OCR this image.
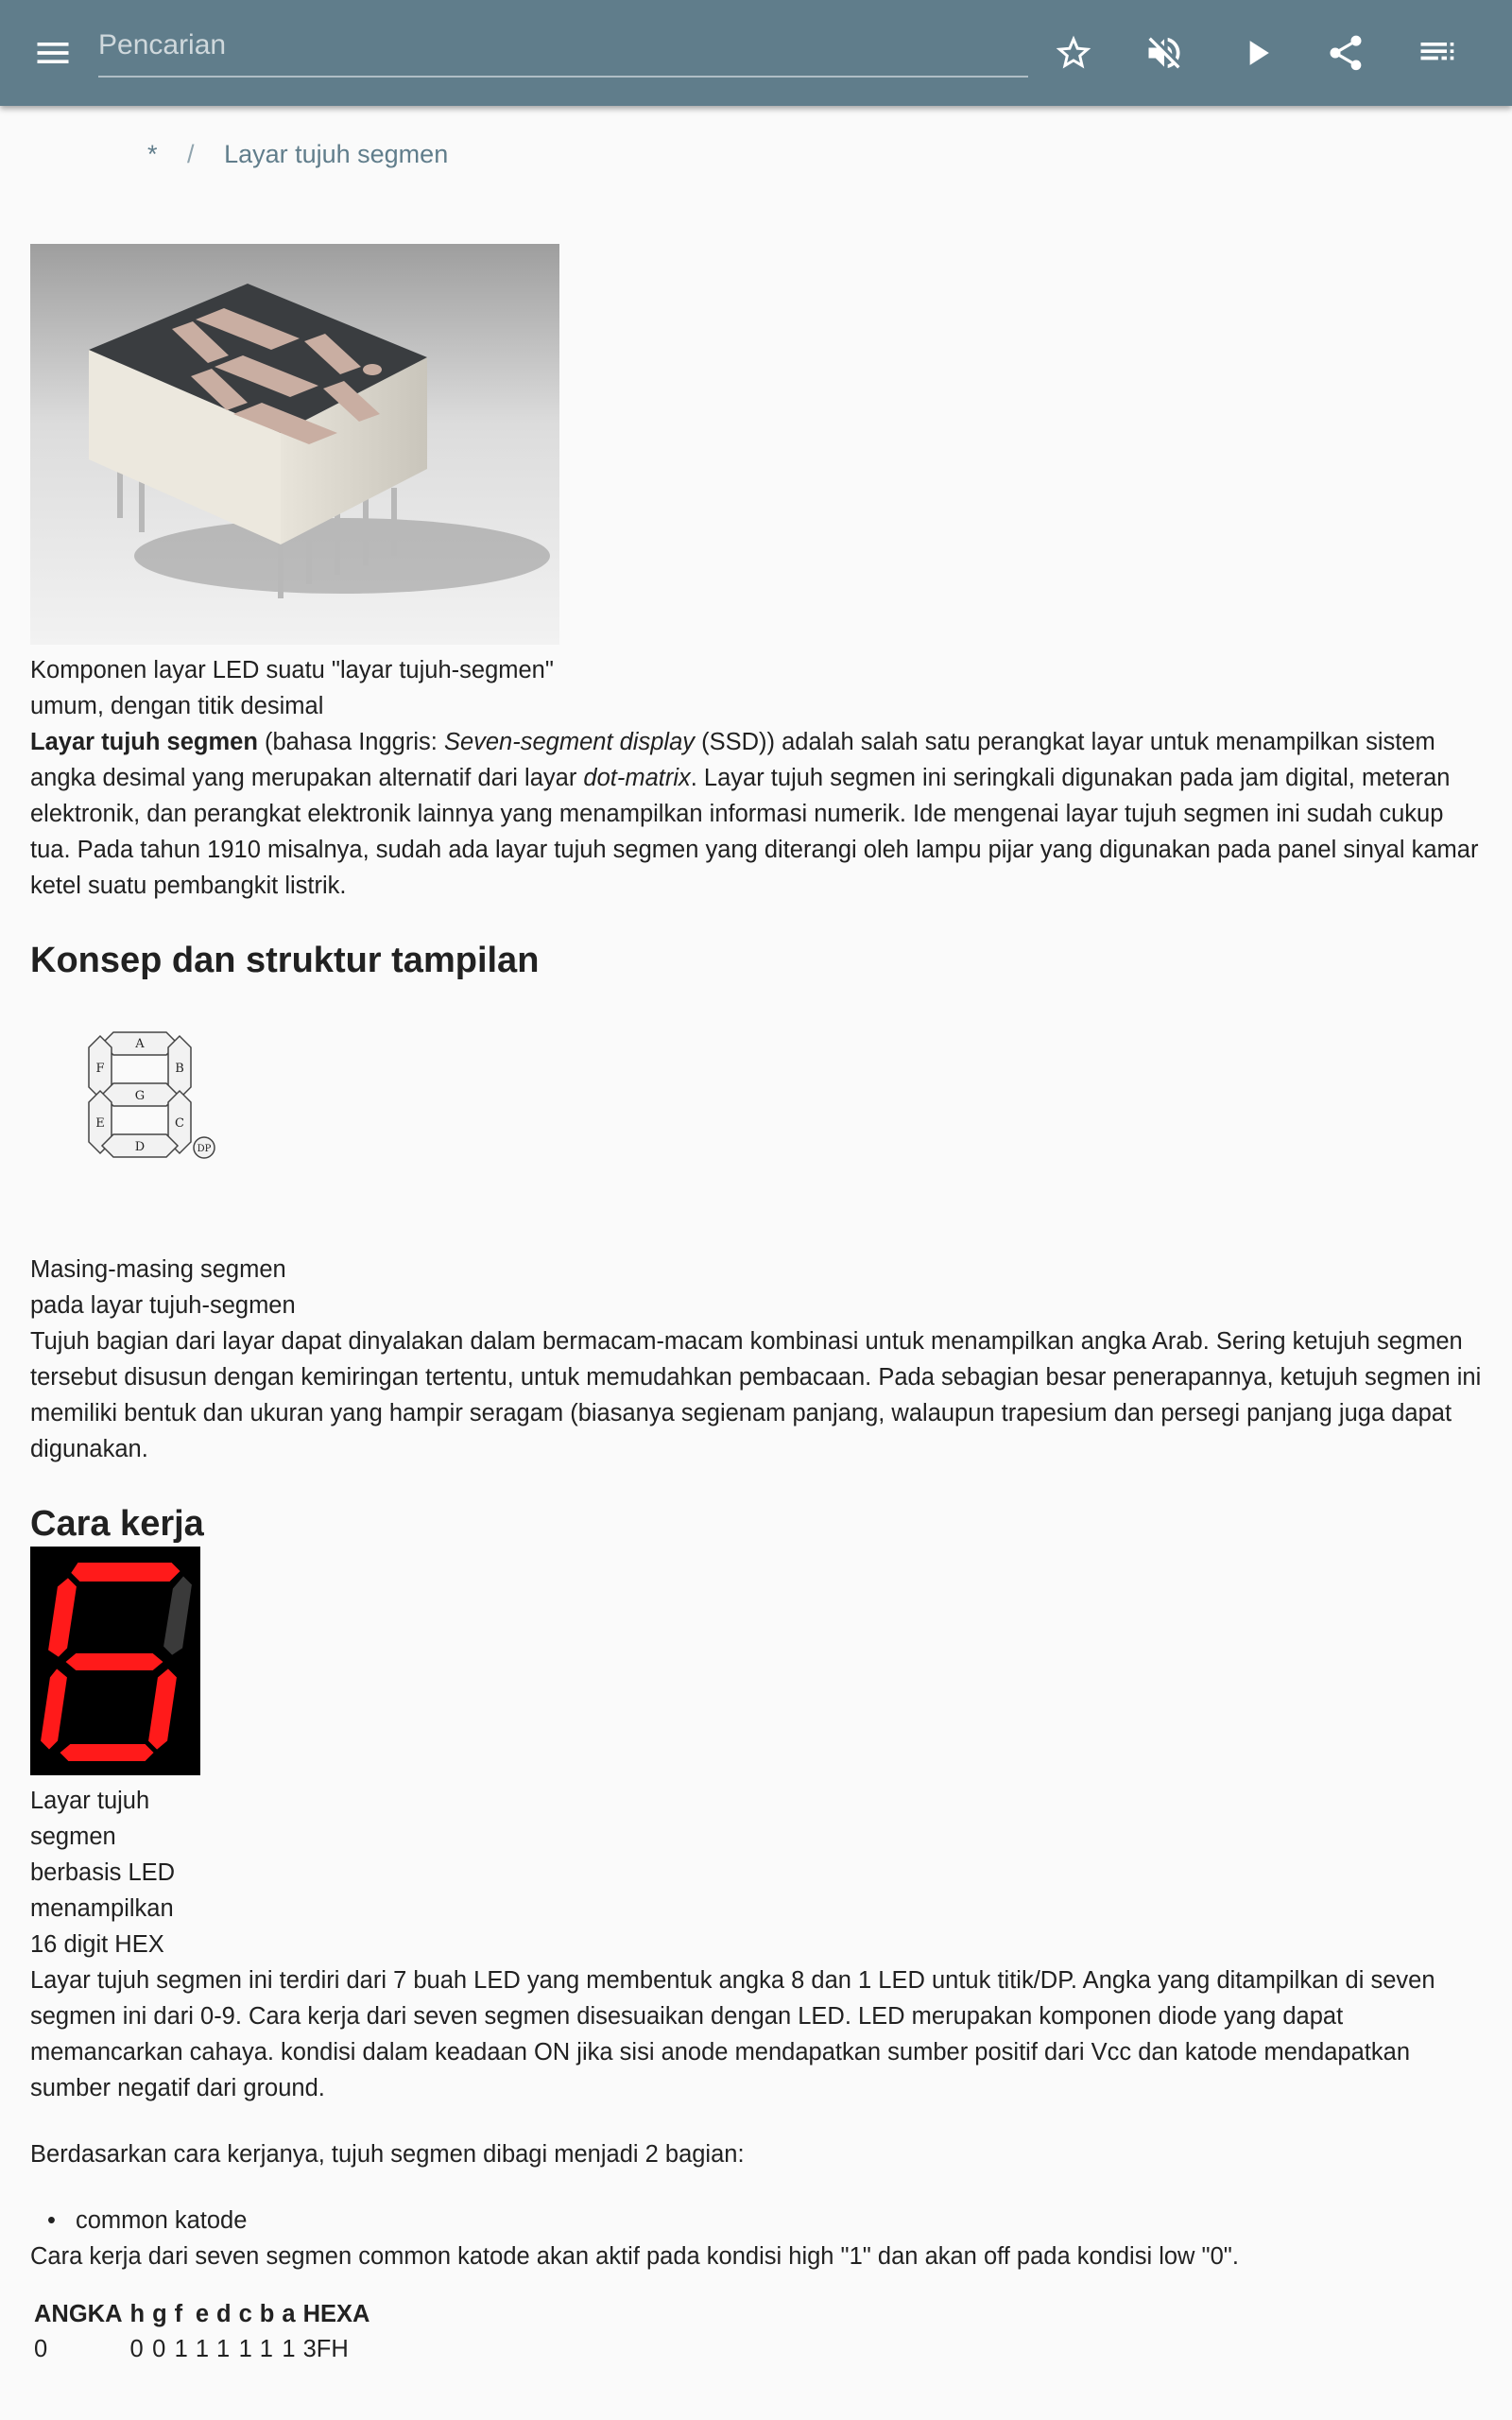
Pencarian
* / Layar tujuh segmen
Komponen layar LED suatu "layar tujuh-segmen" umum, dengan titik desimal

Layar tujuh segmen (bahasa Inggris: Seven-segment display (SSD)) adalah salah satu perangkat layar untuk menampilkan sistem angka desimal yang merupakan alternatif dari layar dot-matrix. Layar tujuh segmen ini seringkali digunakan pada jam digital, meteran elektronik, dan perangkat elektronik lainnya yang menampilkan informasi numerik. Ide mengenai layar tujuh segmen ini sudah cukup tua. Pada tahun 1910 misalnya, sudah ada layar tujuh segmen yang diterangi oleh lampu pijar yang digunakan pada panel sinyal kamar ketel suatu pembangkit listrik.

Konsep dan struktur tampilan
A
F	B
G
E	C
D	DP
Masing-masing segmen
pada layar tujuh-segmen

Tujuh bagian dari layar dapat dinyalakan dalam bermacam-macam kombinasi untuk menampilkan angka Arab. Sering ketujuh segmen tersebut disusun dengan kemiringan tertentu, untuk memudahkan pembacaan. Pada sebagian besar penerapannya, ketujuh segmen ini memiliki bentuk dan ukuran yang hampir seragam (biasanya segienam panjang, walaupun trapesium dan persegi panjang juga dapat digunakan.

Cara kerja
Layar tujuh
segmen
berbasis LED
menampilkan
16 digit HEX

Layar tujuh segmen ini terdiri dari 7 buah LED yang membentuk angka 8 dan 1 LED untuk titik/DP. Angka yang ditampilkan di seven segmen ini dari 0-9. Cara kerja dari seven segmen disesuaikan dengan LED. LED merupakan komponen diode yang dapat memancarkan cahaya. kondisi dalam keadaan ON jika sisi anode mendapatkan sumber positif dari Vcc dan katode mendapatkan sumber negatif dari ground.

Berdasarkan cara kerjanya, tujuh segmen dibagi menjadi 2 bagian:

• common katode

Cara kerja dari seven segmen common katode akan aktif pada kondisi high "1" dan akan off pada kondisi low "0".

ANGKA	h	g	f	e	d	c	b	a	HEXA
0	0	0	1	1	1	1	1	1	3FH
